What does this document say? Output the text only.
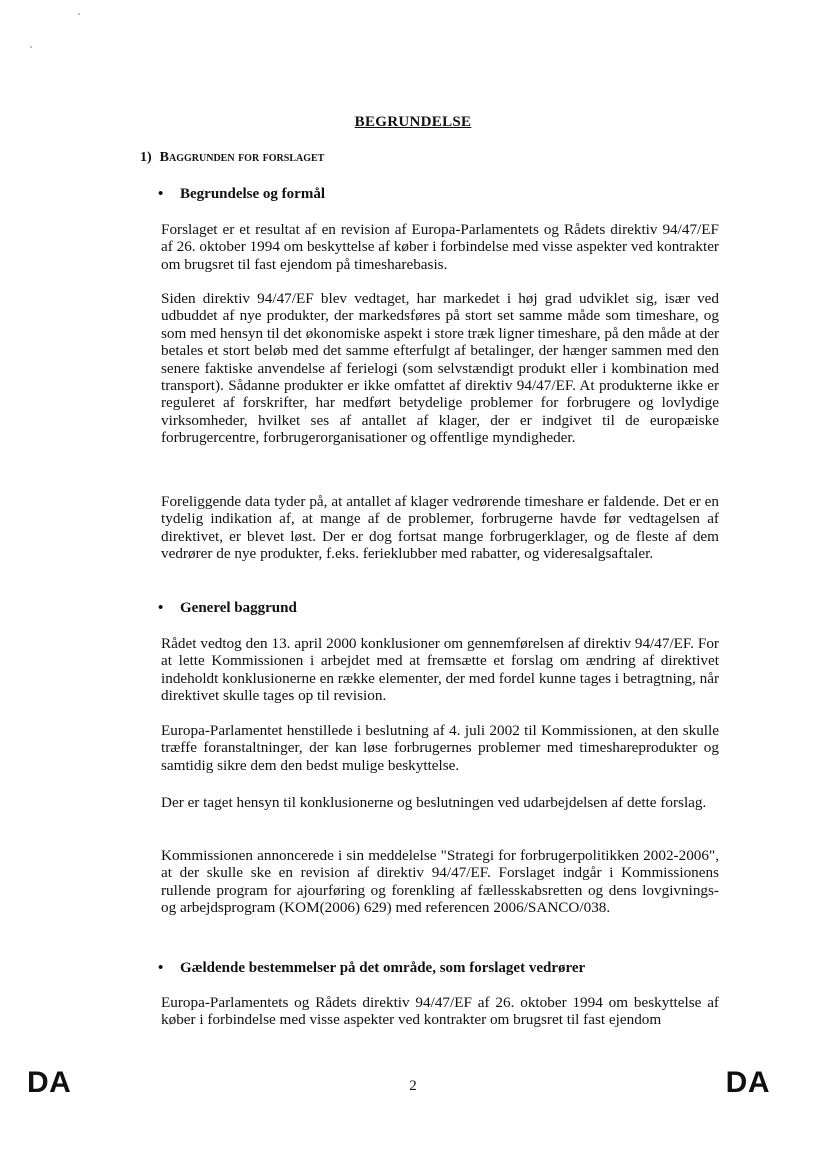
BEGRUNDELSE
1) Baggrunden for forslaget
• Begrundelse og formål
Forslaget er et resultat af en revision af Europa-Parlamentets og Rådets direktiv 94/47/EF af 26. oktober 1994 om beskyttelse af køber i forbindelse med visse aspekter ved kontrakter om brugsret til fast ejendom på timesharebasis.
Siden direktiv 94/47/EF blev vedtaget, har markedet i høj grad udviklet sig, især ved udbuddet af nye produkter, der markedsføres på stort set samme måde som timeshare, og som med hensyn til det økonomiske aspekt i store træk ligner timeshare, på den måde at der betales et stort beløb med det samme efterfulgt af betalinger, der hænger sammen med den senere faktiske anvendelse af ferielogi (som selvstændigt produkt eller i kombination med transport). Sådanne produkter er ikke omfattet af direktiv 94/47/EF. At produkterne ikke er reguleret af forskrifter, har medført betydelige problemer for forbrugere og lovlydige virksomheder, hvilket ses af antallet af klager, der er indgivet til de europæiske forbrugercentre, forbrugerorganisationer og offentlige myndigheder.
Foreliggende data tyder på, at antallet af klager vedrørende timeshare er faldende. Det er en tydelig indikation af, at mange af de problemer, forbrugerne havde før vedtagelsen af direktivet, er blevet løst. Der er dog fortsat mange forbrugerklager, og de fleste af dem vedrører de nye produkter, f.eks. ferieklubber med rabatter, og videresalgsaftaler.
• Generel baggrund
Rådet vedtog den 13. april 2000 konklusioner om gennemførelsen af direktiv 94/47/EF. For at lette Kommissionen i arbejdet med at fremsætte et forslag om ændring af direktivet indeholdt konklusionerne en række elementer, der med fordel kunne tages i betragtning, når direktivet skulle tages op til revision.
Europa-Parlamentet henstillede i beslutning af 4. juli 2002 til Kommissionen, at den skulle træffe foranstaltninger, der kan løse forbrugernes problemer med timeshareprodukter og samtidig sikre dem den bedst mulige beskyttelse.
Der er taget hensyn til konklusionerne og beslutningen ved udarbejdelsen af dette forslag.
Kommissionen annoncerede i sin meddelelse "Strategi for forbrugerpolitikken 2002-2006", at der skulle ske en revision af direktiv 94/47/EF. Forslaget indgår i Kommissionens rullende program for ajourføring og forenkling af fællesskabsretten og dens lovgivnings- og arbejdsprogram (KOM(2006) 629) med referencen 2006/SANCO/038.
• Gældende bestemmelser på det område, som forslaget vedrører
Europa-Parlamentets og Rådets direktiv 94/47/EF af 26. oktober 1994 om beskyttelse af køber i forbindelse med visse aspekter ved kontrakter om brugsret til fast ejendom
DA	2	DA
